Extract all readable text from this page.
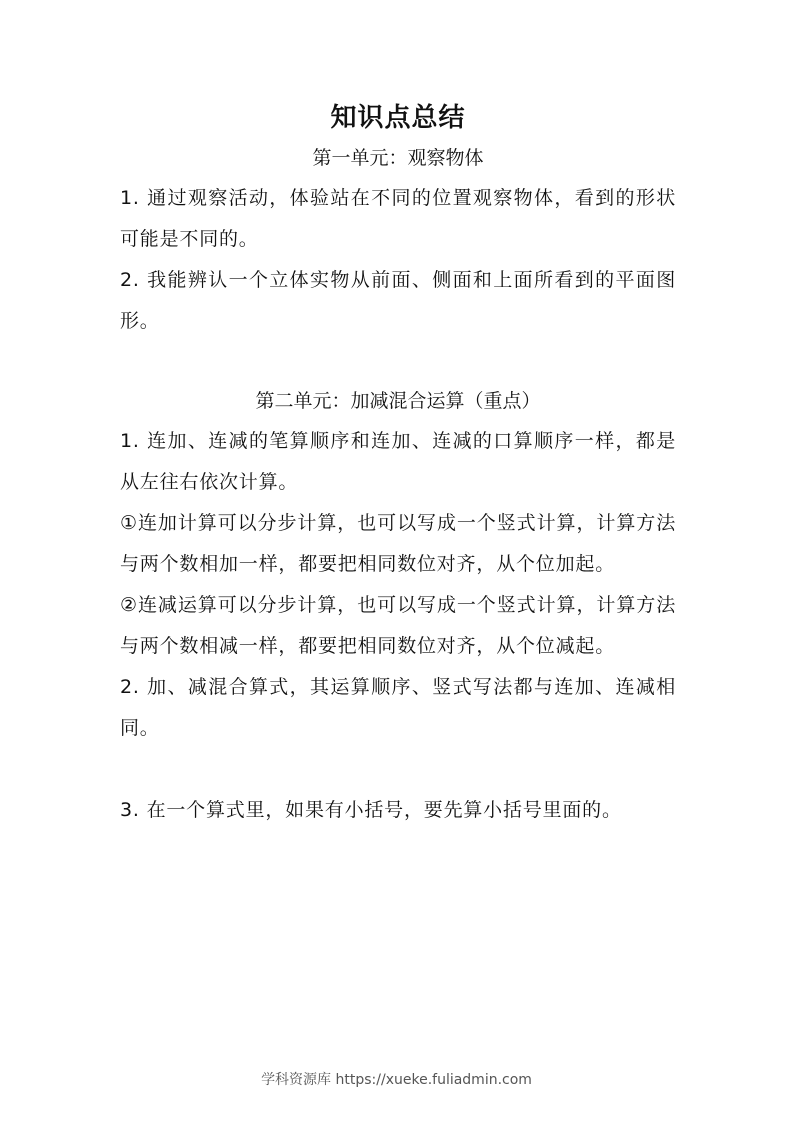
知识点总结

第一单元：观察物体

1. 通过观察活动，体验站在不同的位置观察物体，看到的形状可能是不同的。

2. 我能辨认一个立体实物从前面、侧面和上面所看到的平面图形。

第二单元：加减混合运算（重点）

1. 连加、连减的笔算顺序和连加、连减的口算顺序一样，都是从左往右依次计算。

①连加计算可以分步计算，也可以写成一个竖式计算，计算方法与两个数相加一样，都要把相同数位对齐，从个位加起。

②连减运算可以分步计算，也可以写成一个竖式计算，计算方法与两个数相减一样，都要把相同数位对齐，从个位减起。

2. 加、减混合算式，其运算顺序、竖式写法都与连加、连减相同。

3. 在一个算式里，如果有小括号，要先算小括号里面的。

学科资源库 https://xueke.fuliadmin.com
